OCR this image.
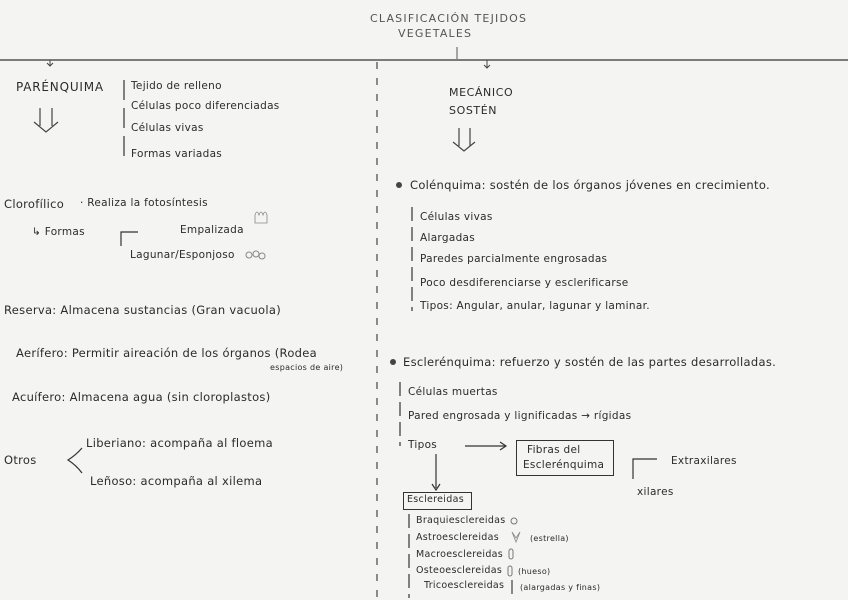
CLASIFICACIÓN TEJIDOS
VEGETALES
PARÉNQUIMA	Tejido de relleno
Células poco diferenciadas
Células vivas
Formas variadas
Clorofílico · Realiza la fotosíntesis
↳ Formas	Empalizada
Lagunar/Esponjoso
Reserva: Almacena sustancias (Gran vacuola)
Aerífero: Permitir aireación de los órganos (Rodea
espacios de aire)
Acuífero: Almacena agua (sin cloroplastos)
Otros
Liberiano: acompaña al floema
Leñoso: acompaña al xilema
MECÁNICO
SOSTÉN
Colénquima: sostén de los órganos jóvenes en crecimiento.
Células vivas
Alargadas
Paredes parcialmente engrosadas
Poco desdiferenciarse y esclerificarse
Tipos: Angular, anular, lagunar y laminar.
Esclerénquima: refuerzo y sostén de las partes desarrolladas.
Células muertas
Pared engrosada y lignificadas → rígidas
Tipos	Fibras del
Esclerénquima	Extraxilares
xilares
Esclereidas
Braquiesclereidas
Astroesclereidas	(estrella)
Macroesclereidas
Osteoesclereidas (hueso)
Tricoesclereidas (alargadas y finas)
